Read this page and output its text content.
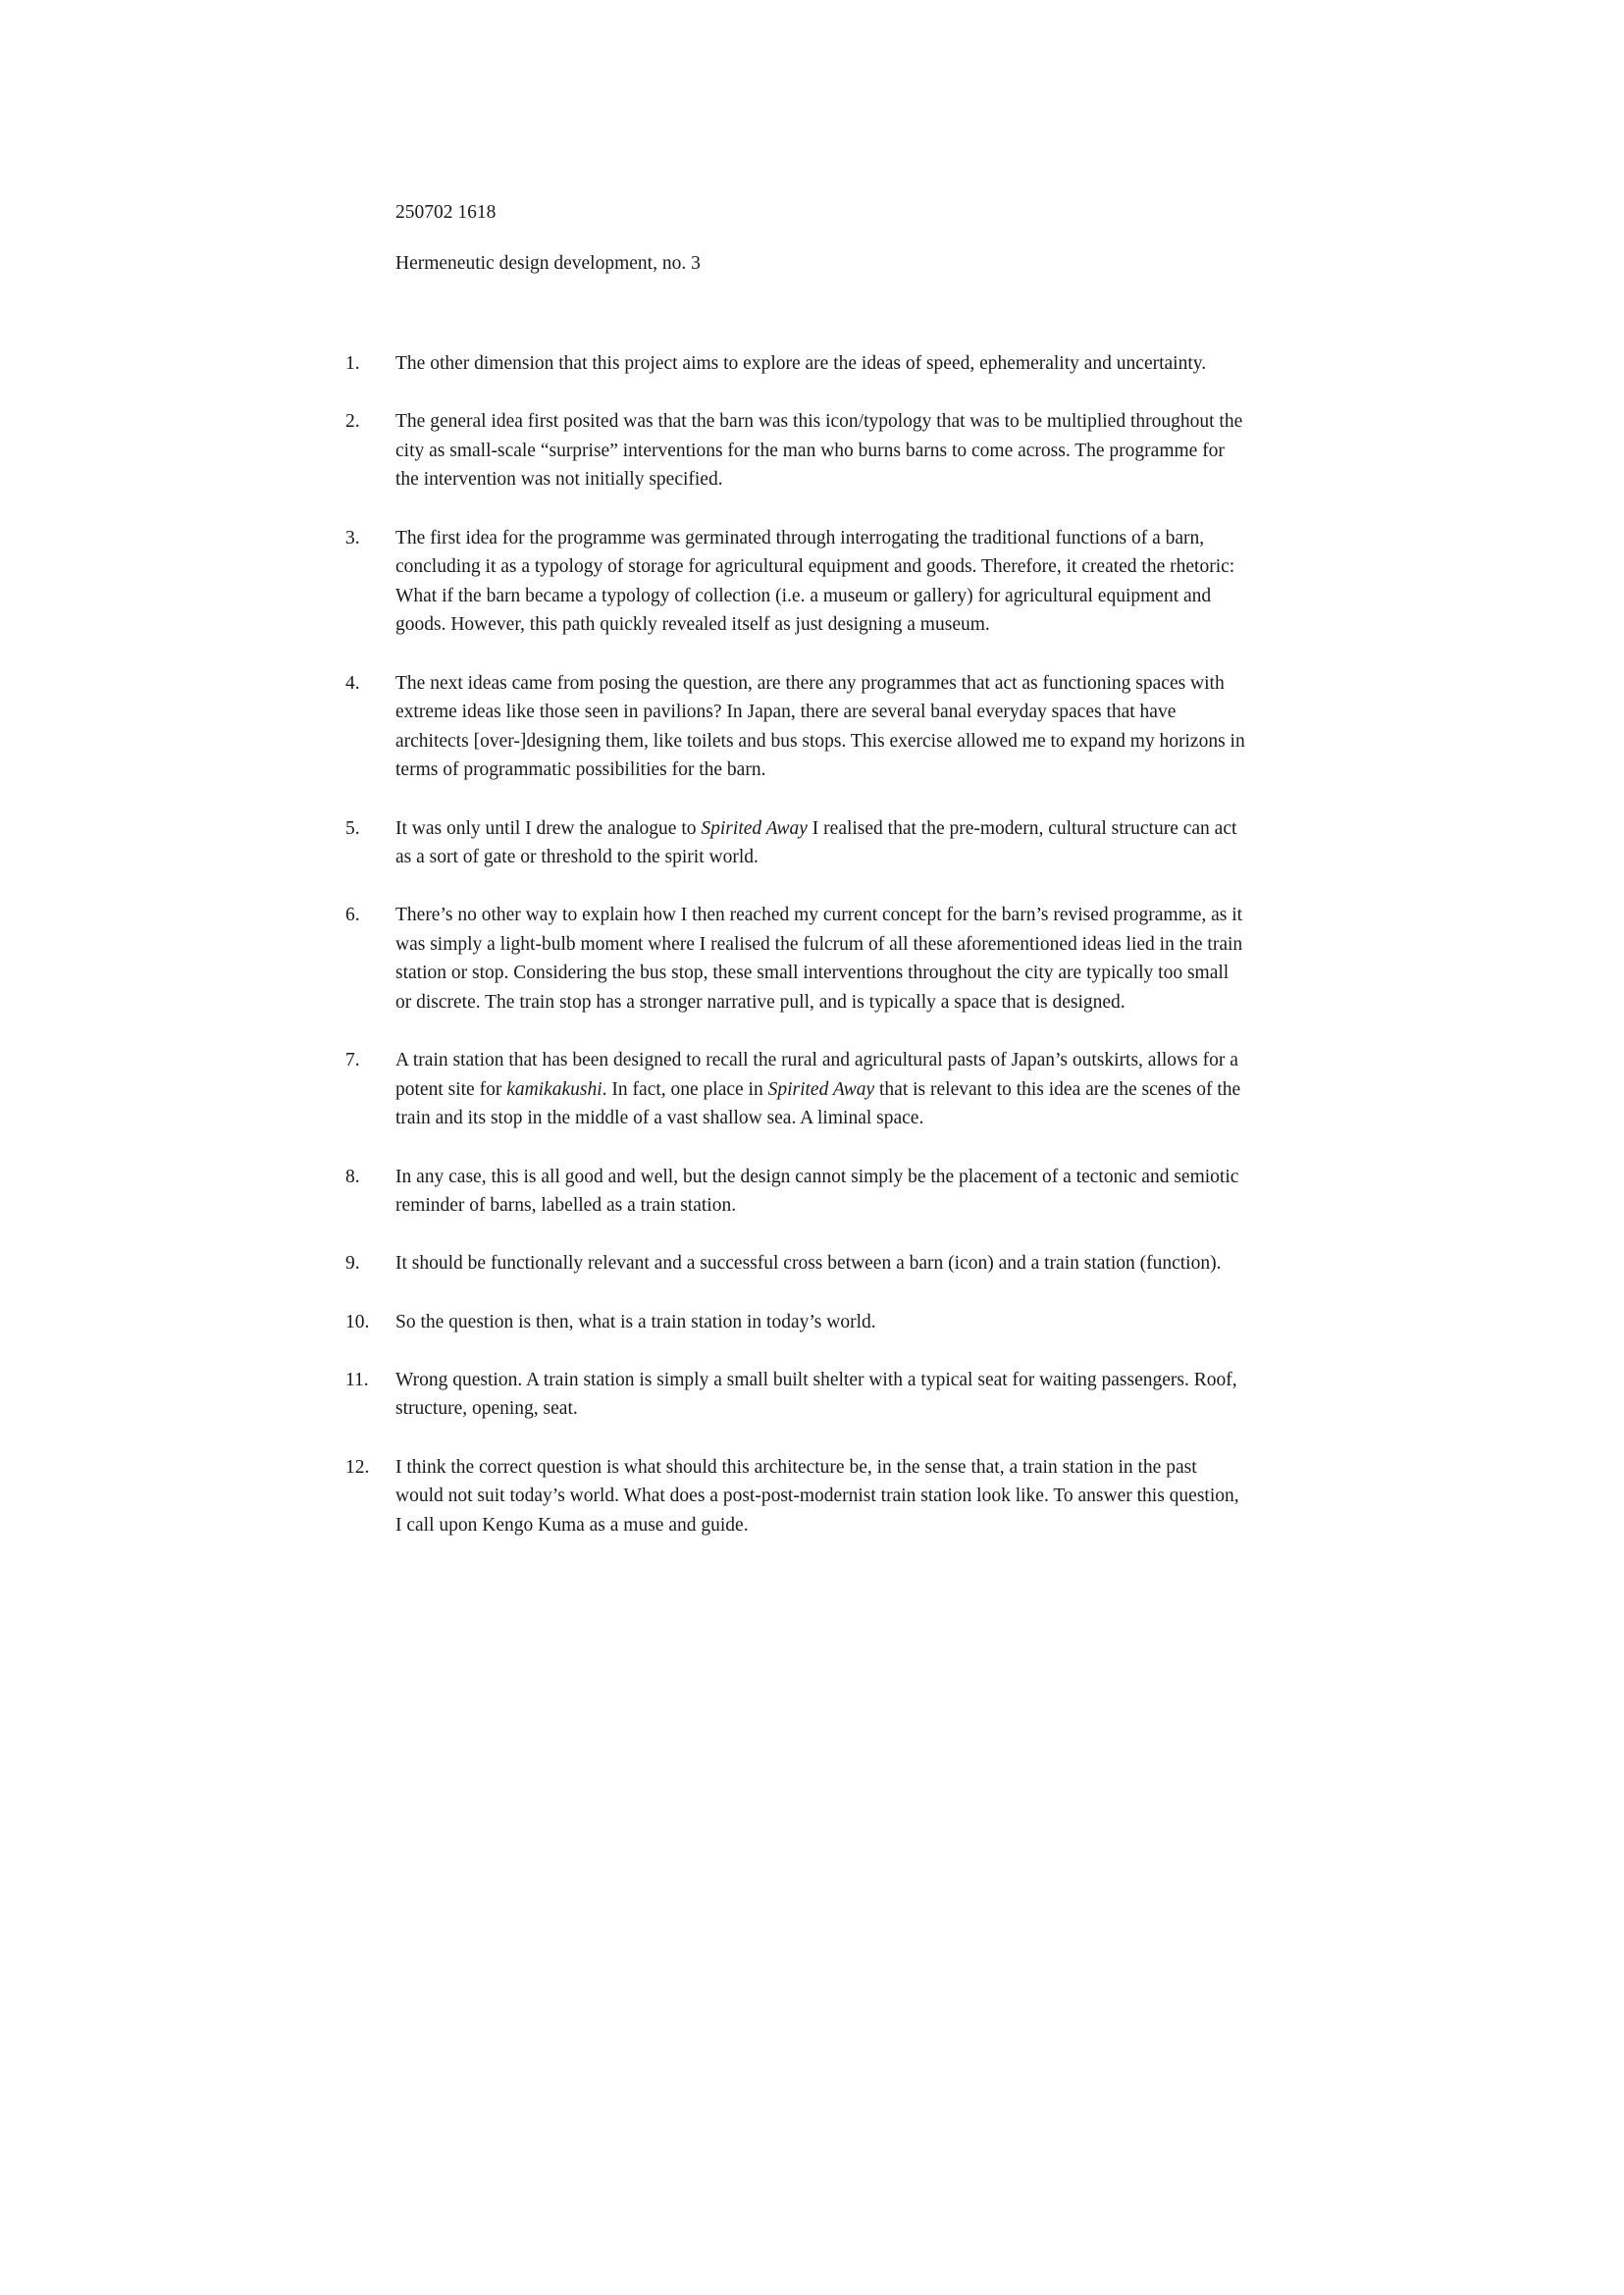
250702 1618

Hermeneutic design development, no. 3

1.	The other dimension that this project aims to explore are the ideas of speed, ephemerality and uncertainty.

2.	The general idea first posited was that the barn was this icon/typology that was to be multiplied throughout the city as small-scale “surprise” interventions for the man who burns barns to come across. The programme for the intervention was not initially specified.

3.	The first idea for the programme was germinated through interrogating the traditional functions of a barn, concluding it as a typology of storage for agricultural equipment and goods. Therefore, it created the rhetoric: What if the barn became a typology of collection (i.e. a museum or gallery) for agricultural equipment and goods. However, this path quickly revealed itself as just designing a museum.

4.	The next ideas came from posing the question, are there any programmes that act as functioning spaces with extreme ideas like those seen in pavilions? In Japan, there are several banal everyday spaces that have architects [over-]designing them, like toilets and bus stops. This exercise allowed me to expand my horizons in terms of programmatic possibilities for the barn.

5.	It was only until I drew the analogue to Spirited Away I realised that the pre-modern, cultural structure can act as a sort of gate or threshold to the spirit world.

6.	There’s no other way to explain how I then reached my current concept for the barn’s revised programme, as it was simply a light-bulb moment where I realised the fulcrum of all these aforementioned ideas lied in the train station or stop. Considering the bus stop, these small interventions throughout the city are typically too small or discrete. The train stop has a stronger narrative pull, and is typically a space that is designed.

7.	A train station that has been designed to recall the rural and agricultural pasts of Japan’s outskirts, allows for a potent site for kamikakushi. In fact, one place in Spirited Away that is relevant to this idea are the scenes of the train and its stop in the middle of a vast shallow sea. A liminal space.

8.	In any case, this is all good and well, but the design cannot simply be the placement of a tectonic and semiotic reminder of barns, labelled as a train station.

9.	It should be functionally relevant and a successful cross between a barn (icon) and a train station (function).

10.	So the question is then, what is a train station in today’s world.

11.	Wrong question. A train station is simply a small built shelter with a typical seat for waiting passengers. Roof, structure, opening, seat.

12.	I think the correct question is what should this architecture be, in the sense that, a train station in the past would not suit today’s world. What does a post-post-modernist train station look like. To answer this question, I call upon Kengo Kuma as a muse and guide.
